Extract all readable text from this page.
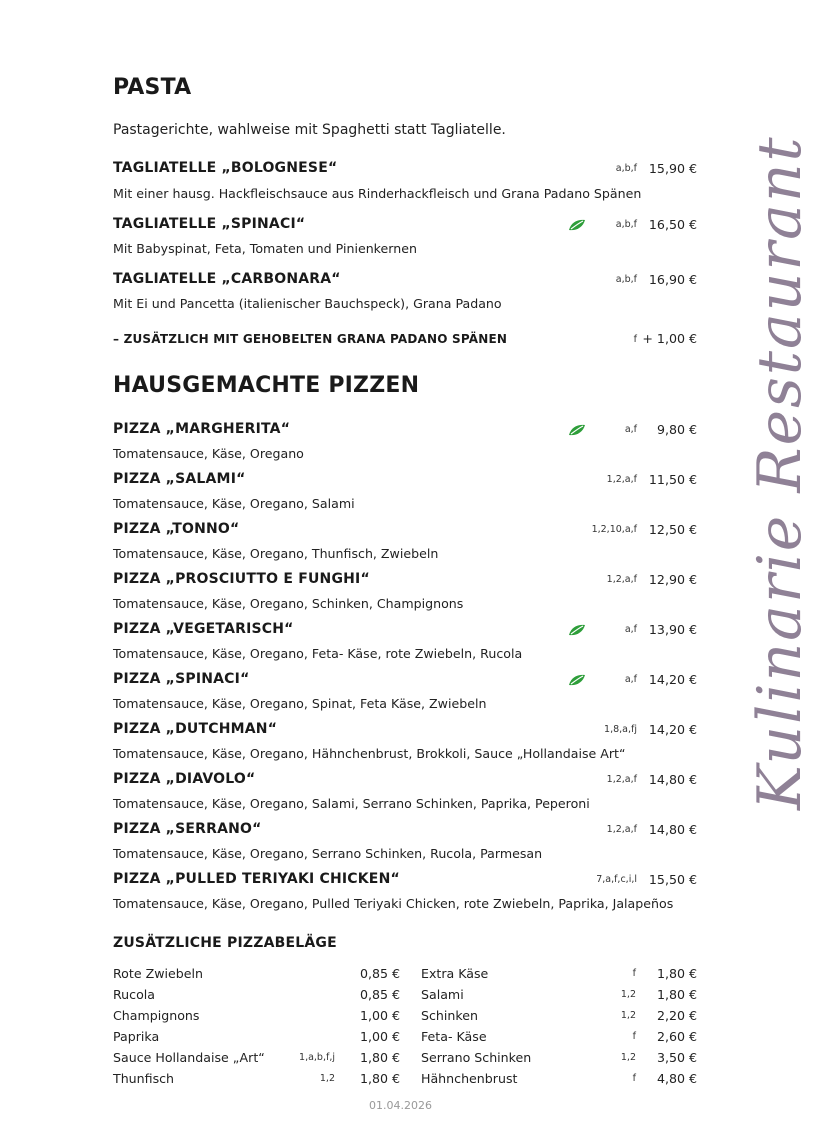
Kulinarie Restaurant
PASTA
Pastagerichte, wahlweise mit Spaghetti statt Tagliatelle.
TAGLIATELLE „BOLOGNESE“	a,b,f 15,90 €
Mit einer hausg. Hackfleischsauce aus Rinderhackfleisch und Grana Padano Spänen
TAGLIATELLE „SPINACI“	a,b,f 16,50 €
Mit Babyspinat, Feta, Tomaten und Pinienkernen
TAGLIATELLE „CARBONARA“	a,b,f 16,90 €
Mit Ei und Pancetta (italienischer Bauchspeck), Grana Padano
– ZUSÄTZLICH MIT GEHOBELTEN GRANA PADANO SPÄNEN	f + 1,00 €
HAUSGEMACHTE PIZZEN
PIZZA „MARGHERITA“	a,f	9,80 €
Tomatensauce, Käse, Oregano
PIZZA „SALAMI“	1,2,a,f 11,50 €
Tomatensauce, Käse, Oregano, Salami
PIZZA „TONNO“	1,2,10,a,f 12,50 €
Tomatensauce, Käse, Oregano, Thunfisch, Zwiebeln
PIZZA „PROSCIUTTO E FUNGHI“	1,2,a,f 12,90 €
Tomatensauce, Käse, Oregano, Schinken, Champignons
PIZZA „VEGETARISCH“	a,f 13,90 €
Tomatensauce, Käse, Oregano, Feta- Käse, rote Zwiebeln, Rucola
PIZZA „SPINACI“	a,f 14,20 €
Tomatensauce, Käse, Oregano, Spinat, Feta Käse, Zwiebeln
PIZZA „DUTCHMAN“	1,8,a,fj 14,20 €
Tomatensauce, Käse, Oregano, Hähnchenbrust, Brokkoli, Sauce „Hollandaise Art“
PIZZA „DIAVOLO“	1,2,a,f 14,80 €
Tomatensauce, Käse, Oregano, Salami, Serrano Schinken, Paprika, Peperoni
PIZZA „SERRANO“	1,2,a,f 14,80 €
Tomatensauce, Käse, Oregano, Serrano Schinken, Rucola, Parmesan
PIZZA „PULLED TERIYAKI CHICKEN“	7,a,f,c,i,l 15,50 €
Tomatensauce, Käse, Oregano, Pulled Teriyaki Chicken, rote Zwiebeln, Paprika, Jalapeños
ZUSÄTZLICHE PIZZABELÄGE
Rote Zwiebeln	0,85 €
Rucola	0,85 €
Champignons	1,00 €
Paprika	1,00 €
Sauce Hollandaise „Art“	1,a,b,f,j	1,80 €
Thunfisch	1,2	1,80 €
Extra Käse	f	1,80 €
Salami	1,2	1,80 €
Schinken	1,2	2,20 €
Feta- Käse	f	2,60 €
Serrano Schinken	1,2	3,50 €
Hähnchenbrust	f	4,80 €
01.04.2026
